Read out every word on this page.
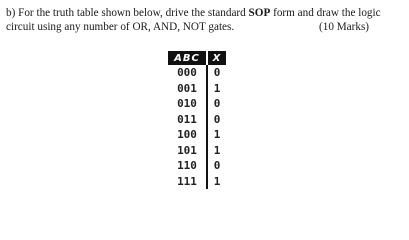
b) For the truth table shown below, drive the standard SOP form and draw the logic
circuit using any number of OR, AND, NOT gates.	(10 Marks)
ABC	X
000	0
001	1
010	0
011	0
100	1
101	1
110	0
111	1
